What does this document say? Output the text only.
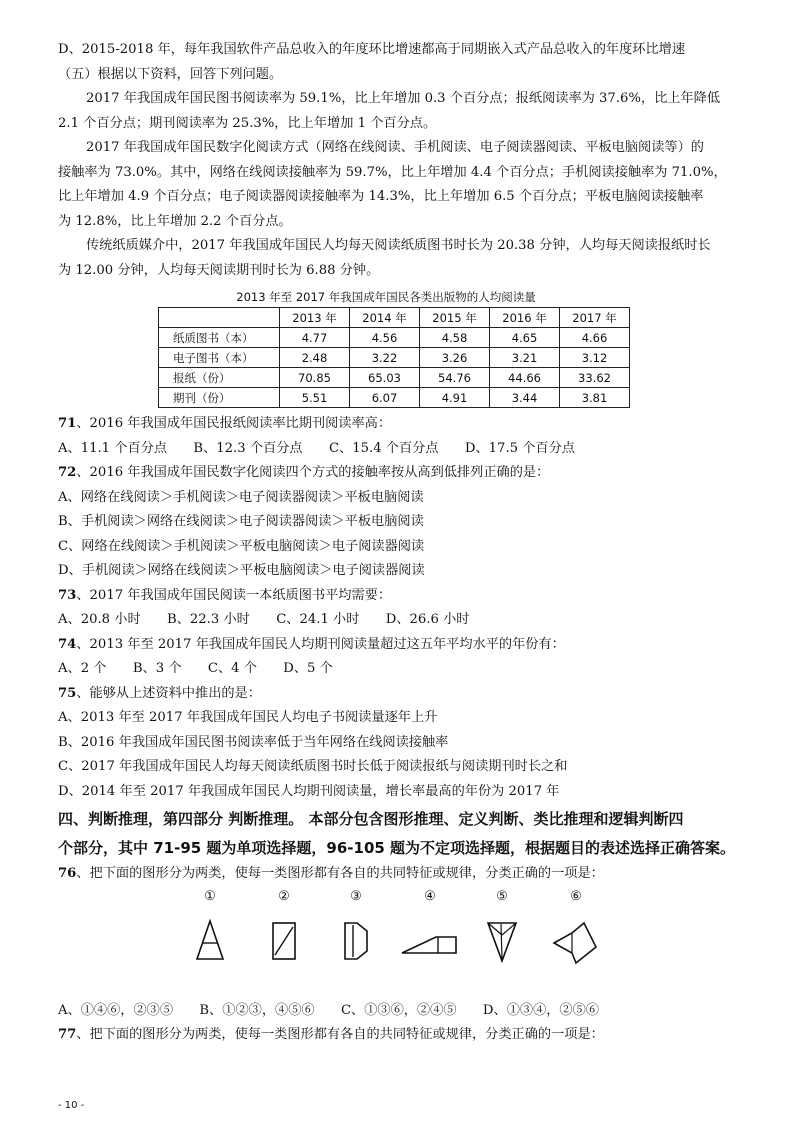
D、2015-2018 年，每年我国软件产品总收入的年度环比增速都高于同期嵌入式产品总收入的年度环比增速
（五）根据以下资料，回答下列问题。
2017 年我国成年国民图书阅读率为 59.1%，比上年增加 0.3 个百分点；报纸阅读率为 37.6%，比上年降低
2.1 个百分点；期刊阅读率为 25.3%，比上年增加 1 个百分点。
2017 年我国成年国民数字化阅读方式（网络在线阅读、手机阅读、电子阅读器阅读、平板电脑阅读等）的
接触率为 73.0%。其中，网络在线阅读接触率为 59.7%，比上年增加 4.4 个百分点；手机阅读接触率为 71.0%，
比上年增加 4.9 个百分点；电子阅读器阅读接触率为 14.3%，比上年增加 6.5 个百分点；平板电脑阅读接触率
为 12.8%，比上年增加 2.2 个百分点。
传统纸质媒介中，2017 年我国成年国民人均每天阅读纸质图书时长为 20.38 分钟，人均每天阅读报纸时长
为 12.00 分钟，人均每天阅读期刊时长为 6.88 分钟。
2013 年至 2017 年我国成年国民各类出版物的人均阅读量
	2013 年	2014 年	2015 年	2016 年	2017 年
纸质图书（本）	4.77	4.56	4.58	4.65	4.66
电子图书（本）	2.48	3.22	3.26	3.21	3.12
报纸（份）	70.85	65.03	54.76	44.66	33.62
期刊（份）	5.51	6.07	4.91	3.44	3.81
71、2016 年我国成年国民报纸阅读率比期刊阅读率高：
A、11.1 个百分点　　B、12.3 个百分点　　C、15.4 个百分点　　D、17.5 个百分点
72、2016 年我国成年国民数字化阅读四个方式的接触率按从高到低排列正确的是：
A、网络在线阅读＞手机阅读＞电子阅读器阅读＞平板电脑阅读
B、手机阅读＞网络在线阅读＞电子阅读器阅读＞平板电脑阅读
C、网络在线阅读＞手机阅读＞平板电脑阅读＞电子阅读器阅读
D、手机阅读＞网络在线阅读＞平板电脑阅读＞电子阅读器阅读
73、2017 年我国成年国民阅读一本纸质图书平均需要：
A、20.8 小时　　B、22.3 小时　　C、24.1 小时　　D、26.6 小时
74、2013 年至 2017 年我国成年国民人均期刊阅读量超过这五年平均水平的年份有：
A、2 个　　B、3 个　　C、4 个　　D、5 个
75、能够从上述资料中推出的是：
A、2013 年至 2017 年我国成年国民人均电子书阅读量逐年上升
B、2016 年我国成年国民图书阅读率低于当年网络在线阅读接触率
C、2017 年我国成年国民人均每天阅读纸质图书时长低于阅读报纸与阅读期刊时长之和
D、2014 年至 2017 年我国成年国民人均期刊阅读量，增长率最高的年份为 2017 年
四、判断推理，第四部分 判断推理。 本部分包含图形推理、定义判断、类比推理和逻辑判断四
个部分，其中 71-95 题为单项选择题，96-105 题为不定项选择题，根据题目的表述选择正确答案。
76、把下面的图形分为两类，使每一类图形都有各自的共同特征或规律，分类正确的一项是：
①	②	③	④	⑤	⑥
A、①④⑥，②③⑤　　B、①②③，④⑤⑥　　C、①③⑥，②④⑤　　D、①③④，②⑤⑥
77、把下面的图形分为两类，使每一类图形都有各自的共同特征或规律，分类正确的一项是：
- 10 -
